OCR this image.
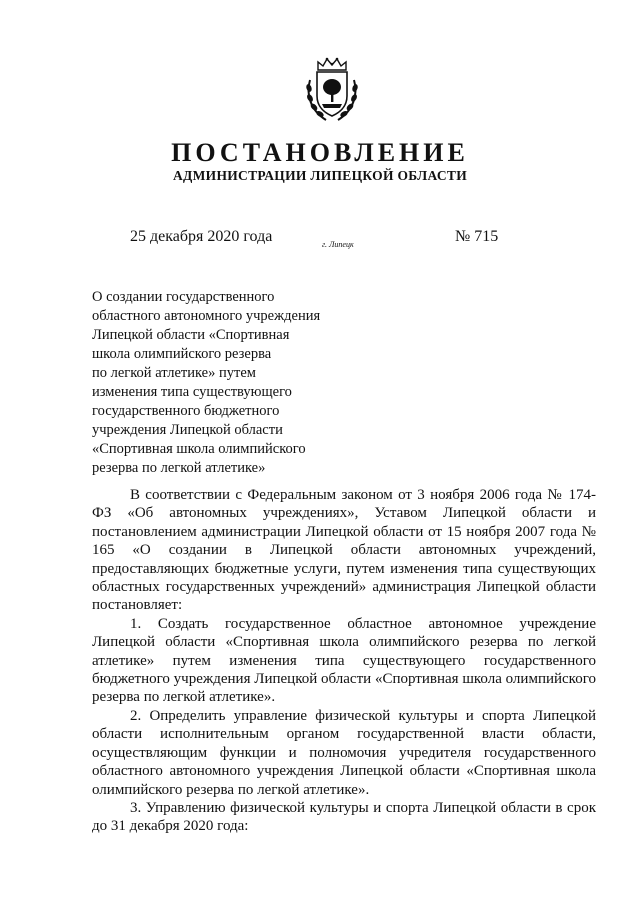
ПОСТАНОВЛЕНИЕ
АДМИНИСТРАЦИИ ЛИПЕЦКОЙ ОБЛАСТИ
25 декабря 2020 года	г. Липецк	№ 715
О создании государственного
областного автономного учреждения
Липецкой области «Спортивная
школа олимпийского резерва
по легкой атлетике» путем
изменения типа существующего
государственного бюджетного
учреждения Липецкой области
«Спортивная школа олимпийского
резерва по легкой атлетике»

В соответствии с Федеральным законом от 3 ноября 2006 года № 174-ФЗ «Об автономных учреждениях», Уставом Липецкой области и постановлением администрации Липецкой области от 15 ноября 2007 года № 165 «О создании в Липецкой области автономных учреждений, предоставляющих бюджетные услуги, путем изменения типа существующих областных государственных учреждений» администрация Липецкой области постановляет:

1. Создать государственное областное автономное учреждение Липецкой области «Спортивная школа олимпийского резерва по легкой атлетике» путем изменения типа существующего государственного бюджетного учреждения Липецкой области «Спортивная школа олимпийского резерва по легкой атлетике».

2. Определить управление физической культуры и спорта Липецкой области исполнительным органом государственной власти области, осуществляющим функции и полномочия учредителя государственного областного автономного учреждения Липецкой области «Спортивная школа олимпийского резерва по легкой атлетике».

3. Управлению физической культуры и спорта Липецкой области в срок до 31 декабря 2020 года:
